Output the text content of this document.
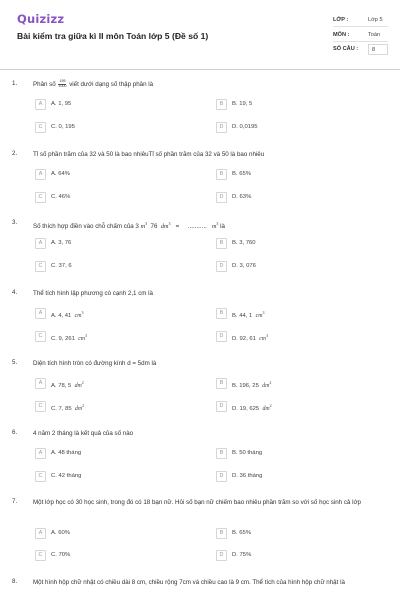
Quizizz
Bài kiểm tra giữa kì II môn Toán lớp 5 (Đề số 1)
LỚP :	Lớp 5
MÔN :	Toán
SỐ CÂU :	8
1.	Phân số $\frac{195}{1000}$ viết dưới dạng số thập phân là
A	A. 1, 95	B	B. 19, 5
C	C. 0, 195	D	D. 0,0195
2.	Tỉ số phần trăm của 32 và 50 là bao nhiêuTỉ số phần trăm của 32 và 50 là bao nhiêu
A	A. 64%	B	B. 65%
C	C. 46%	D	D. 63%
3.
Số thích hợp điền vào chỗ chấm của 3 $m^3$ 76 $dm^3$ = ........... $m^3$ là
A	A. 3, 76	B	B. 3, 760
C	C. 37, 6	D	D. 3, 076
4.	Thể tích hình lập phương có cạnh 2,1 cm là
A	A. 4, 41 $cm^3$	B	B. 44, 1 $cm^3$
C	C. 9, 261 $cm^3$	D	D. 92, 61 $cm^3$
5.	Diện tích hình tròn có đường kính d = 5dm là
A	A. 78, 5 $dm^2$	B	B. 196, 25 $dm^2$
C	C. 7, 85 $dm^2$	D	D. 19, 625 $dm^2$
6.	4 năm 2 tháng là kết quả của số nào
A	A. 48 tháng	B	B. 50 tháng
C	C. 42 tháng	D	D. 36 tháng
7.	Một lớp học có 30 học sinh, trong đó có 18 bạn nữ. Hỏi số bạn nữ chiếm bao nhiêu phần trăm so với số học sinh cả lớp
A	A. 60%	B	B. 65%
C	C. 70%	D	D. 75%
8.	Một hình hộp chữ nhật có chiều dài 8 cm, chiều rộng 7cm và chiều cao là 9 cm. Thể tích của hình hộp chữ nhật là
